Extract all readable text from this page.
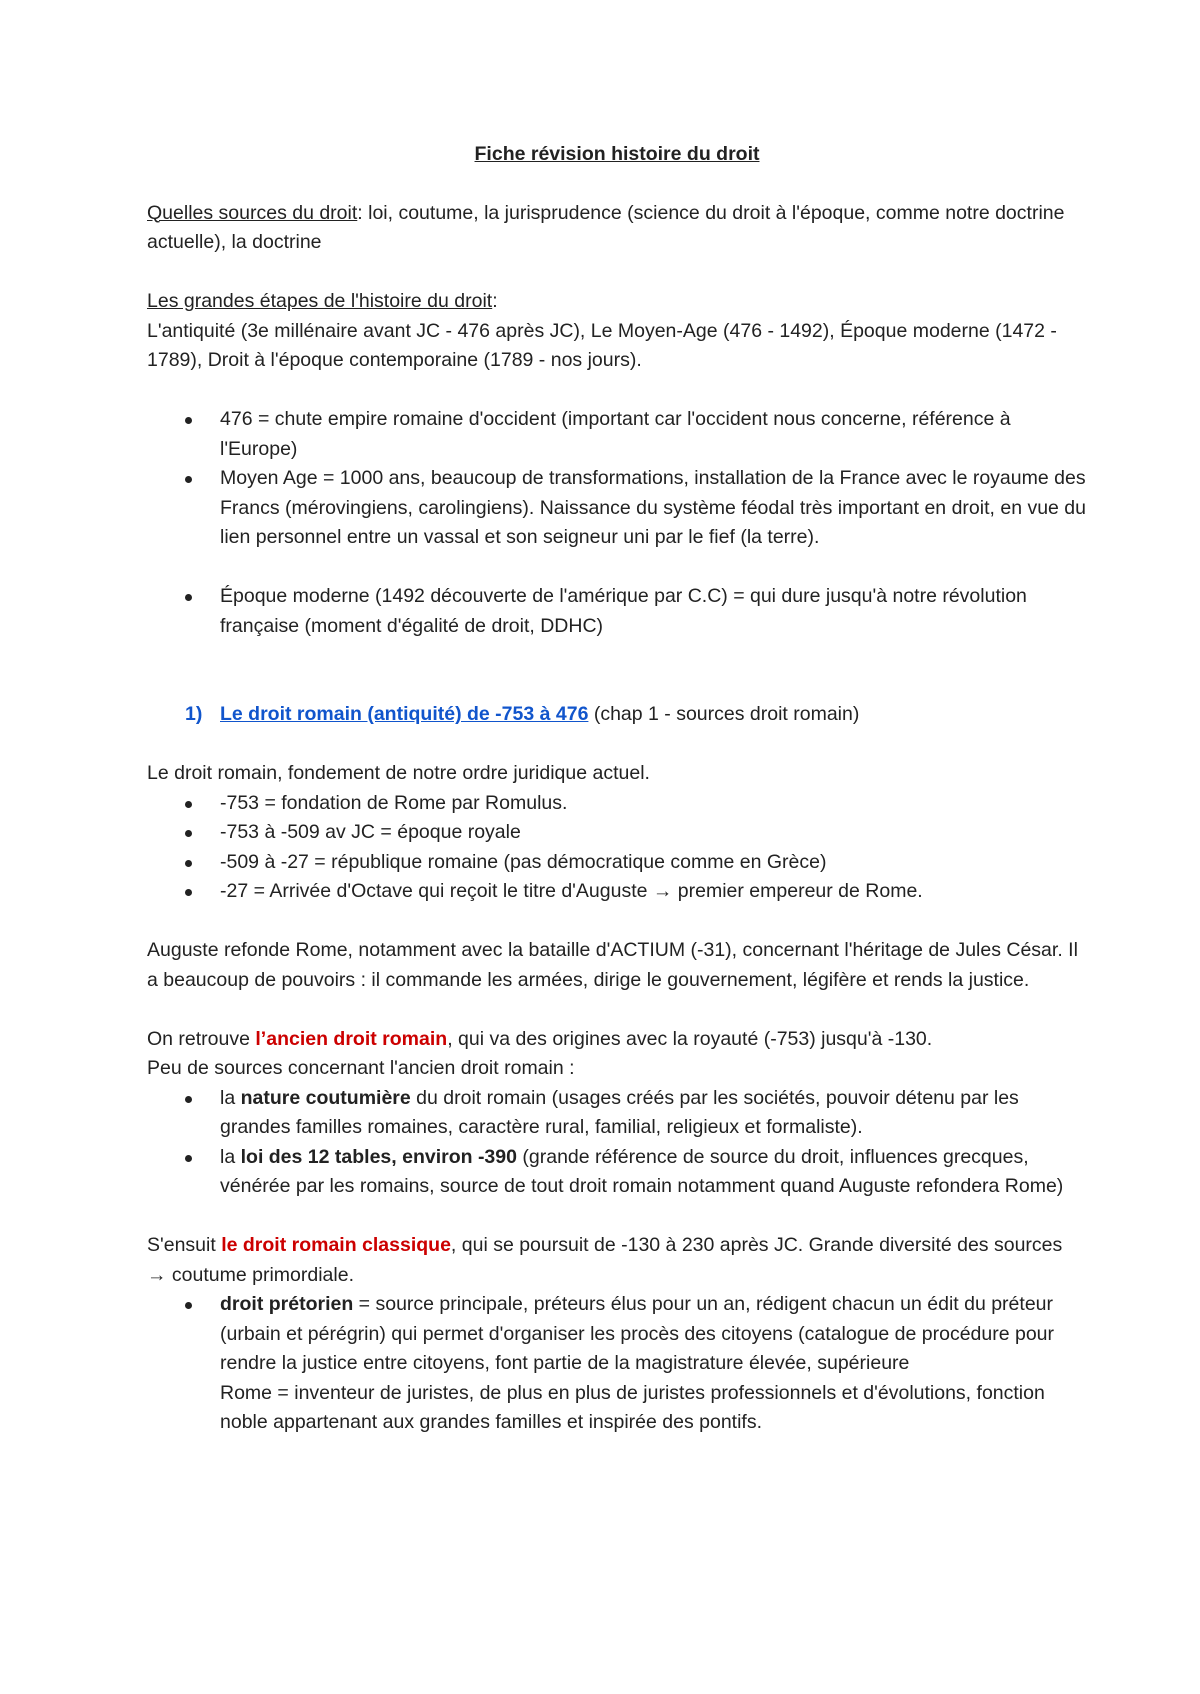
Fiche révision histoire du droit

Quelles sources du droit: loi, coutume, la jurisprudence (science du droit à l'époque, comme notre doctrine actuelle), la doctrine

Les grandes étapes de l'histoire du droit:

L'antiquité (3e millénaire avant JC - 476 après JC), Le Moyen-Age (476 - 1492), Époque moderne (1472 - 1789), Droit à l'époque contemporaine (1789 - nos jours).

476 = chute empire romaine d'occident (important car l'occident nous concerne, référence à l'Europe)
Moyen Age = 1000 ans, beaucoup de transformations, installation de la France avec le royaume des Francs (mérovingiens, carolingiens). Naissance du système féodal très important en droit, en vue du lien personnel entre un vassal et son seigneur uni par le fief (la terre).
Époque moderne (1492 découverte de l'amérique par C.C) = qui dure jusqu'à notre révolution française (moment d'égalité de droit, DDHC)

1) Le droit romain (antiquité) de -753 à 476 (chap 1 - sources droit romain)

Le droit romain, fondement de notre ordre juridique actuel.

-753 = fondation de Rome par Romulus.
-753 à -509 av JC = époque royale
-509 à -27 = république romaine (pas démocratique comme en Grèce)
-27 = Arrivée d'Octave qui reçoit le titre d'Auguste → premier empereur de Rome.

Auguste refonde Rome, notamment avec la bataille d'ACTIUM (-31), concernant l'héritage de Jules César. Il a beaucoup de pouvoirs : il commande les armées, dirige le gouvernement, légifère et rends la justice.

On retrouve l’ancien droit romain, qui va des origines avec la royauté (-753) jusqu'à -130.

Peu de sources concernant l'ancien droit romain :

la nature coutumière du droit romain (usages créés par les sociétés, pouvoir détenu par les grandes familles romaines, caractère rural, familial, religieux et formaliste).
la loi des 12 tables, environ -390 (grande référence de source du droit, influences grecques, vénérée par les romains, source de tout droit romain notamment quand Auguste refondera Rome)

S'ensuit le droit romain classique, qui se poursuit de -130 à 230 après JC. Grande diversité des sources → coutume primordiale.

droit prétorien = source principale, préteurs élus pour un an, rédigent chacun un édit du préteur (urbain et pérégrin) qui permet d'organiser les procès des citoyens (catalogue de procédure pour rendre la justice entre citoyens, font partie de la magistrature élevée, supérieure
Rome = inventeur de juristes, de plus en plus de juristes professionnels et d'évolutions, fonction noble appartenant aux grandes familles et inspirée des pontifs.
